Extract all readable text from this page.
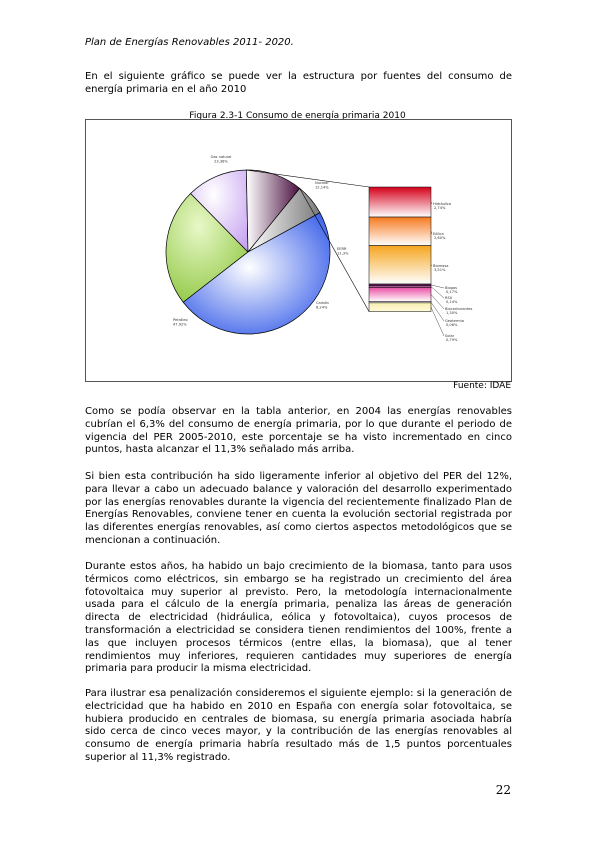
Plan de Energías Renovables 2011- 2020.

En el siguiente gráfico se puede ver la estructura por fuentes del consumo de energía primaria en el año 2010

Figura 2.3-1 Consumo de energía primaria 2010
Gas natural
23,38%
Nuclear
12,14%
EERR
11,3%
Carbón
6,24%
Petróleo
47,92%
Hidráulica
2,74%
Eólica
2,60%
Biomasa
3,51%
Biogas
0,17%
RSU
0,14%
Biocarburantes
1,30%
Geotermia
0,06%
Solar
0,79%
Fuente: IDAE

Como se podía observar en la tabla anterior, en 2004 las energías renovables cubrían el 6,3% del consumo de energía primaria, por lo que durante el periodo de vigencia del PER 2005-2010, este porcentaje se ha visto incrementado en cinco puntos, hasta alcanzar el 11,3% señalado más arriba.

Si bien esta contribución ha sido ligeramente inferior al objetivo del PER del 12%, para llevar a cabo un adecuado balance y valoración del desarrollo experimentado por las energías renovables durante la vigencia del recientemente finalizado Plan de Energías Renovables, conviene tener en cuenta la evolución sectorial registrada por las diferentes energías renovables, así como ciertos aspectos metodológicos que se mencionan a continuación.

Durante estos años, ha habido un bajo crecimiento de la biomasa, tanto para usos térmicos como eléctricos, sin embargo se ha registrado un crecimiento del área fotovoltaica muy superior al previsto. Pero, la metodología internacionalmente usada para el cálculo de la energía primaria, penaliza las áreas de generación directa de electricidad (hidráulica, eólica y fotovoltaica), cuyos procesos de transformación a electricidad se considera tienen rendimientos del 100%, frente a las que incluyen procesos térmicos (entre ellas, la biomasa), que al tener rendimientos muy inferiores, requieren cantidades muy superiores de energía primaria para producir la misma electricidad.

Para ilustrar esa penalización consideremos el siguiente ejemplo: si la generación de electricidad que ha habido en 2010 en España con energía solar fotovoltaica, se hubiera producido en centrales de biomasa, su energía primaria asociada habría sido cerca de cinco veces mayor, y la contribución de las energías renovables al consumo de energía primaria habría resultado más de 1,5 puntos porcentuales superior al 11,3% registrado.

22
